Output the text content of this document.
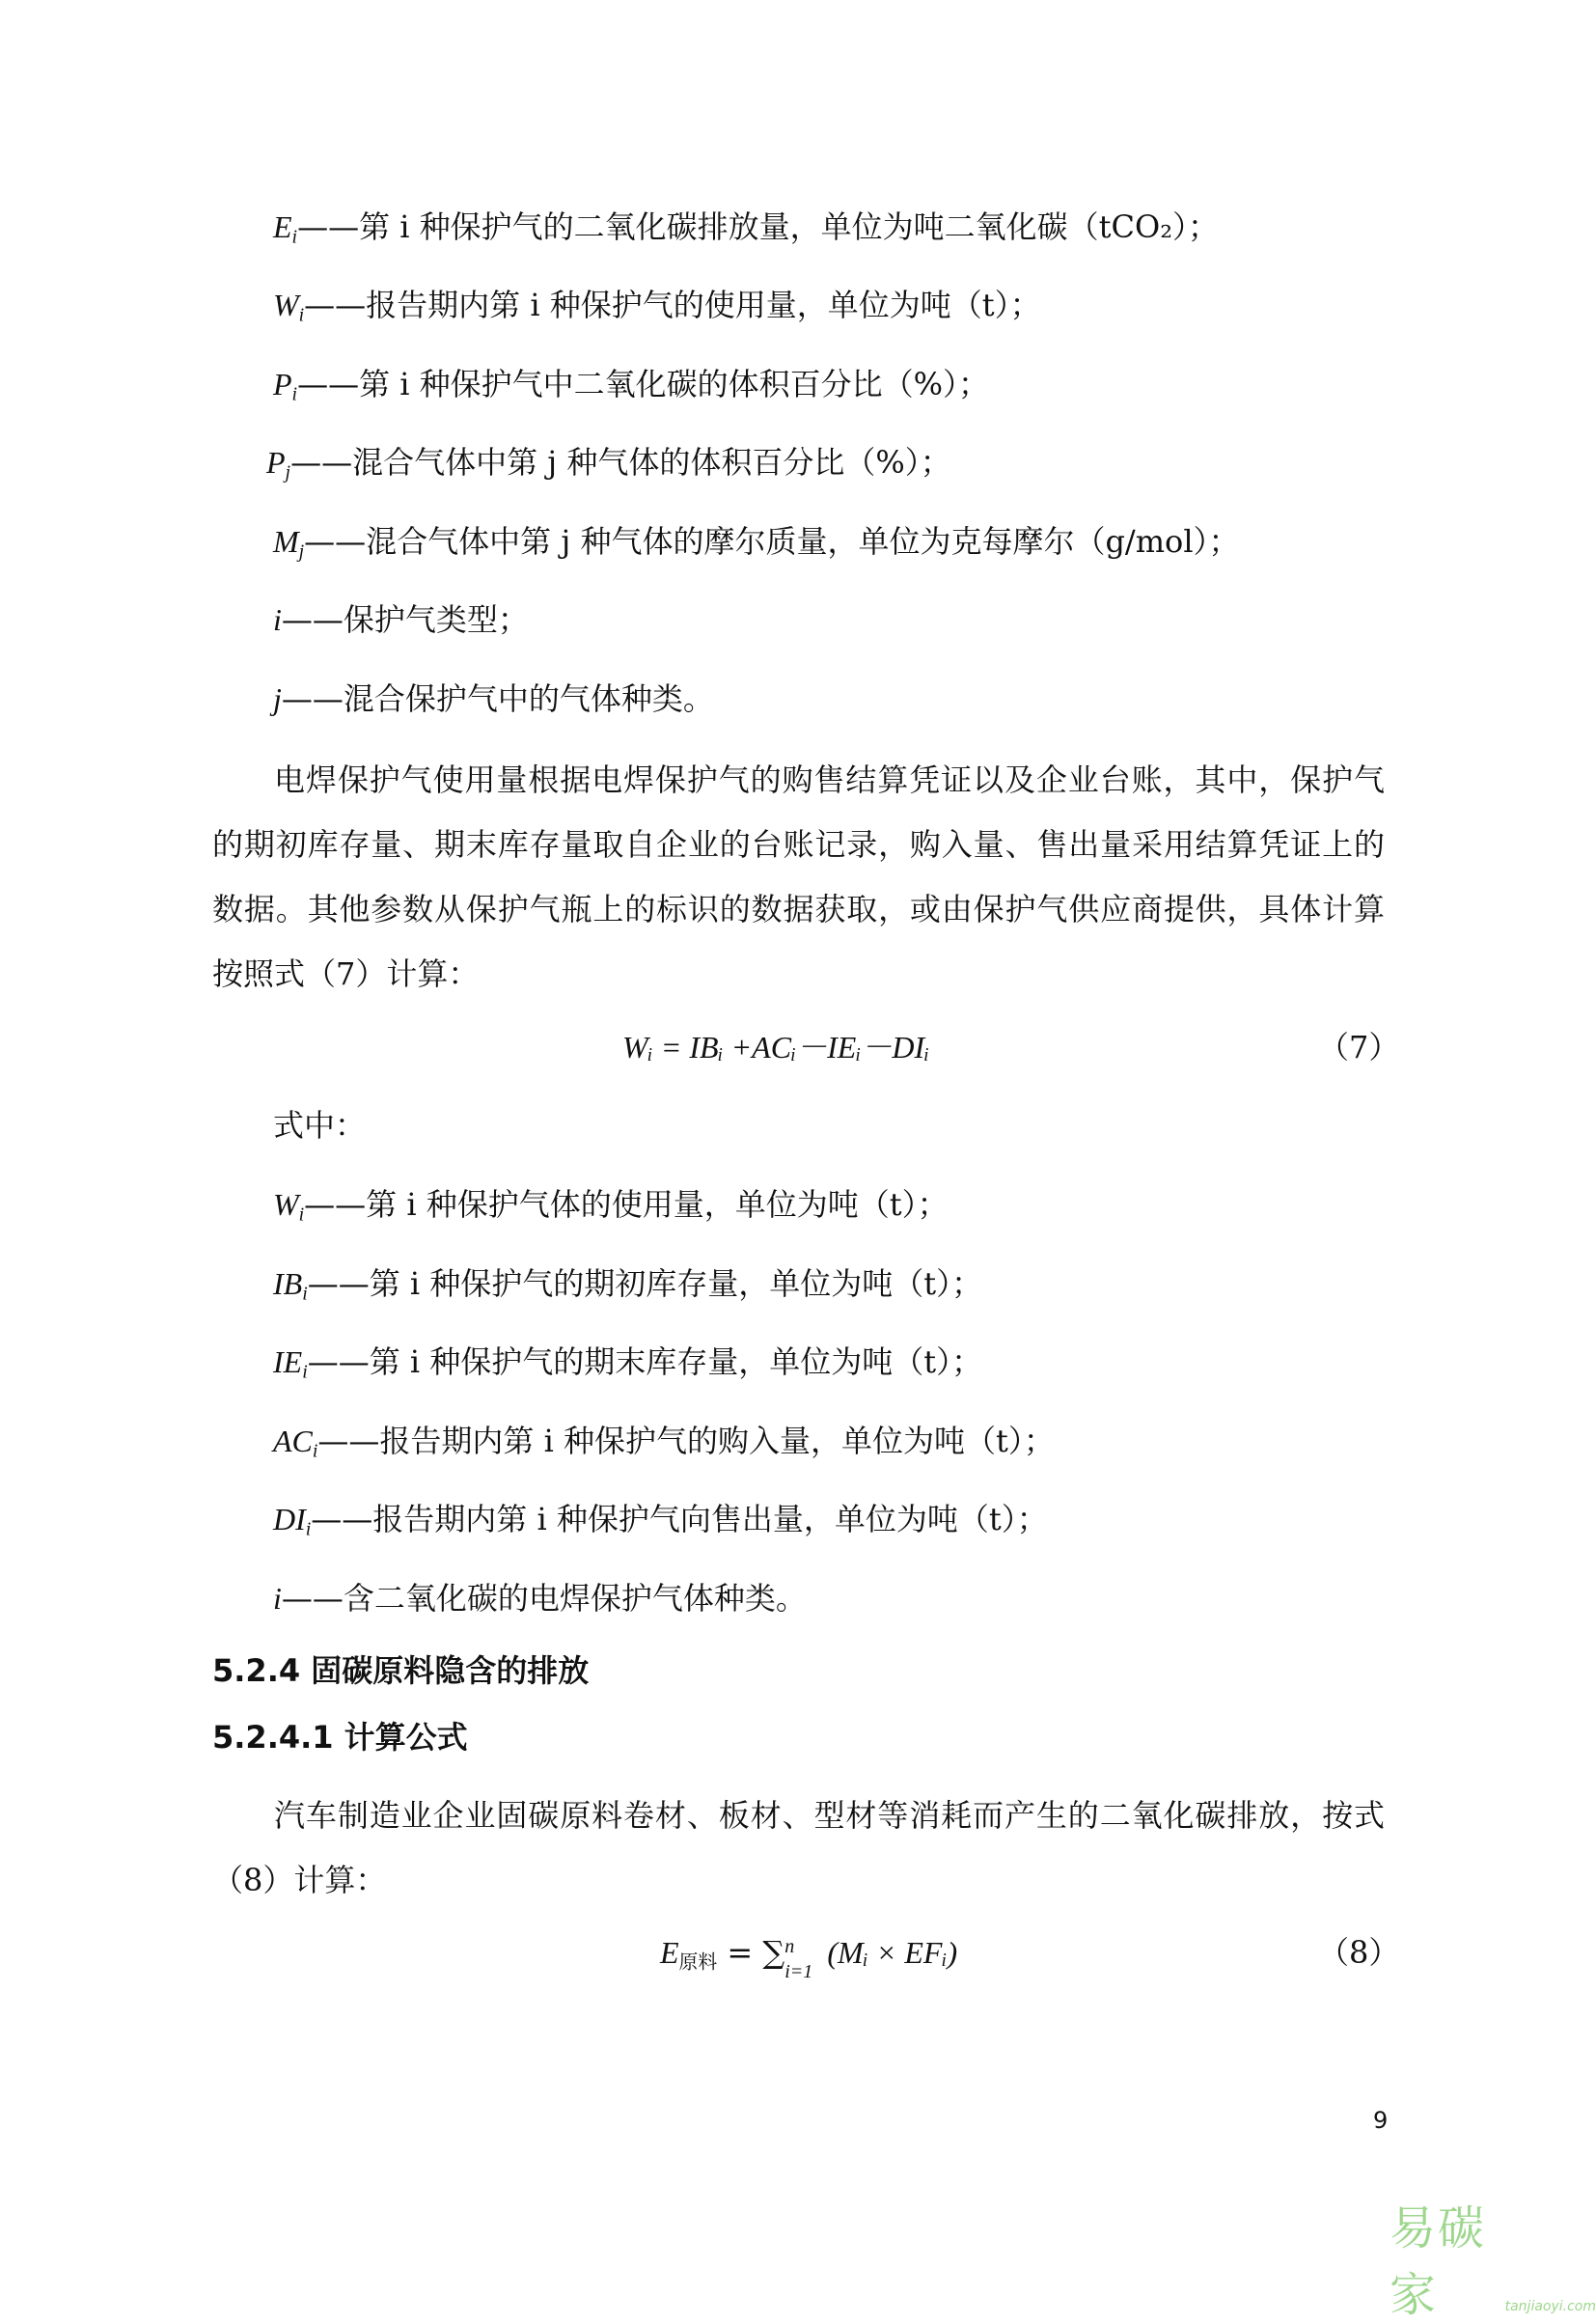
$E_i——$第 i 种保护气的二氧化碳排放量，单位为吨二氧化碳（tCO₂）；
$W_i——$报告期内第 i 种保护气的使用量，单位为吨（t）；
$P_i——$第 i 种保护气中二氧化碳的体积百分比（%）；
$P_j——$混合气体中第 j 种气体的体积百分比（%）；
$M_j——$混合气体中第 j 种气体的摩尔质量，单位为克每摩尔（g/mol）；
i——保护气类型；
j——混合保护气中的气体种类。
电焊保护气使用量根据电焊保护气的购售结算凭证以及企业台账，其中，保护气的期初库存量、期末库存量取自企业的台账记录，购入量、售出量采用结算凭证上的数据。其他参数从保护气瓶上的标识的数据获取，或由保护气供应商提供，具体计算按照式（7）计算：
Wᵢ = IBᵢ +ACᵢ－IEᵢ－DIᵢ	（7）
式中：
$W_i——$第 i 种保护气体的使用量，单位为吨（t）；
$IB_i——$第 i 种保护气的期初库存量，单位为吨（t）；
$IE_i——$第 i 种保护气的期末库存量，单位为吨（t）；
$AC_i——$报告期内第 i 种保护气的购入量，单位为吨（t）；
$DI_i——$报告期内第 i 种保护气向售出量，单位为吨（t）；
i——含二氧化碳的电焊保护气体种类。
5.2.4 固碳原料隐含的排放
5.2.4.1 计算公式
汽车制造业企业固碳原料卷材、板材、型材等消耗而产生的二氧化碳排放，按式（8）计算：
$E_{原料}$ = ∑ n
i=1
(Mᵢ × EFᵢ)	（8）
9
易碳家	tanjiaoyi.com
